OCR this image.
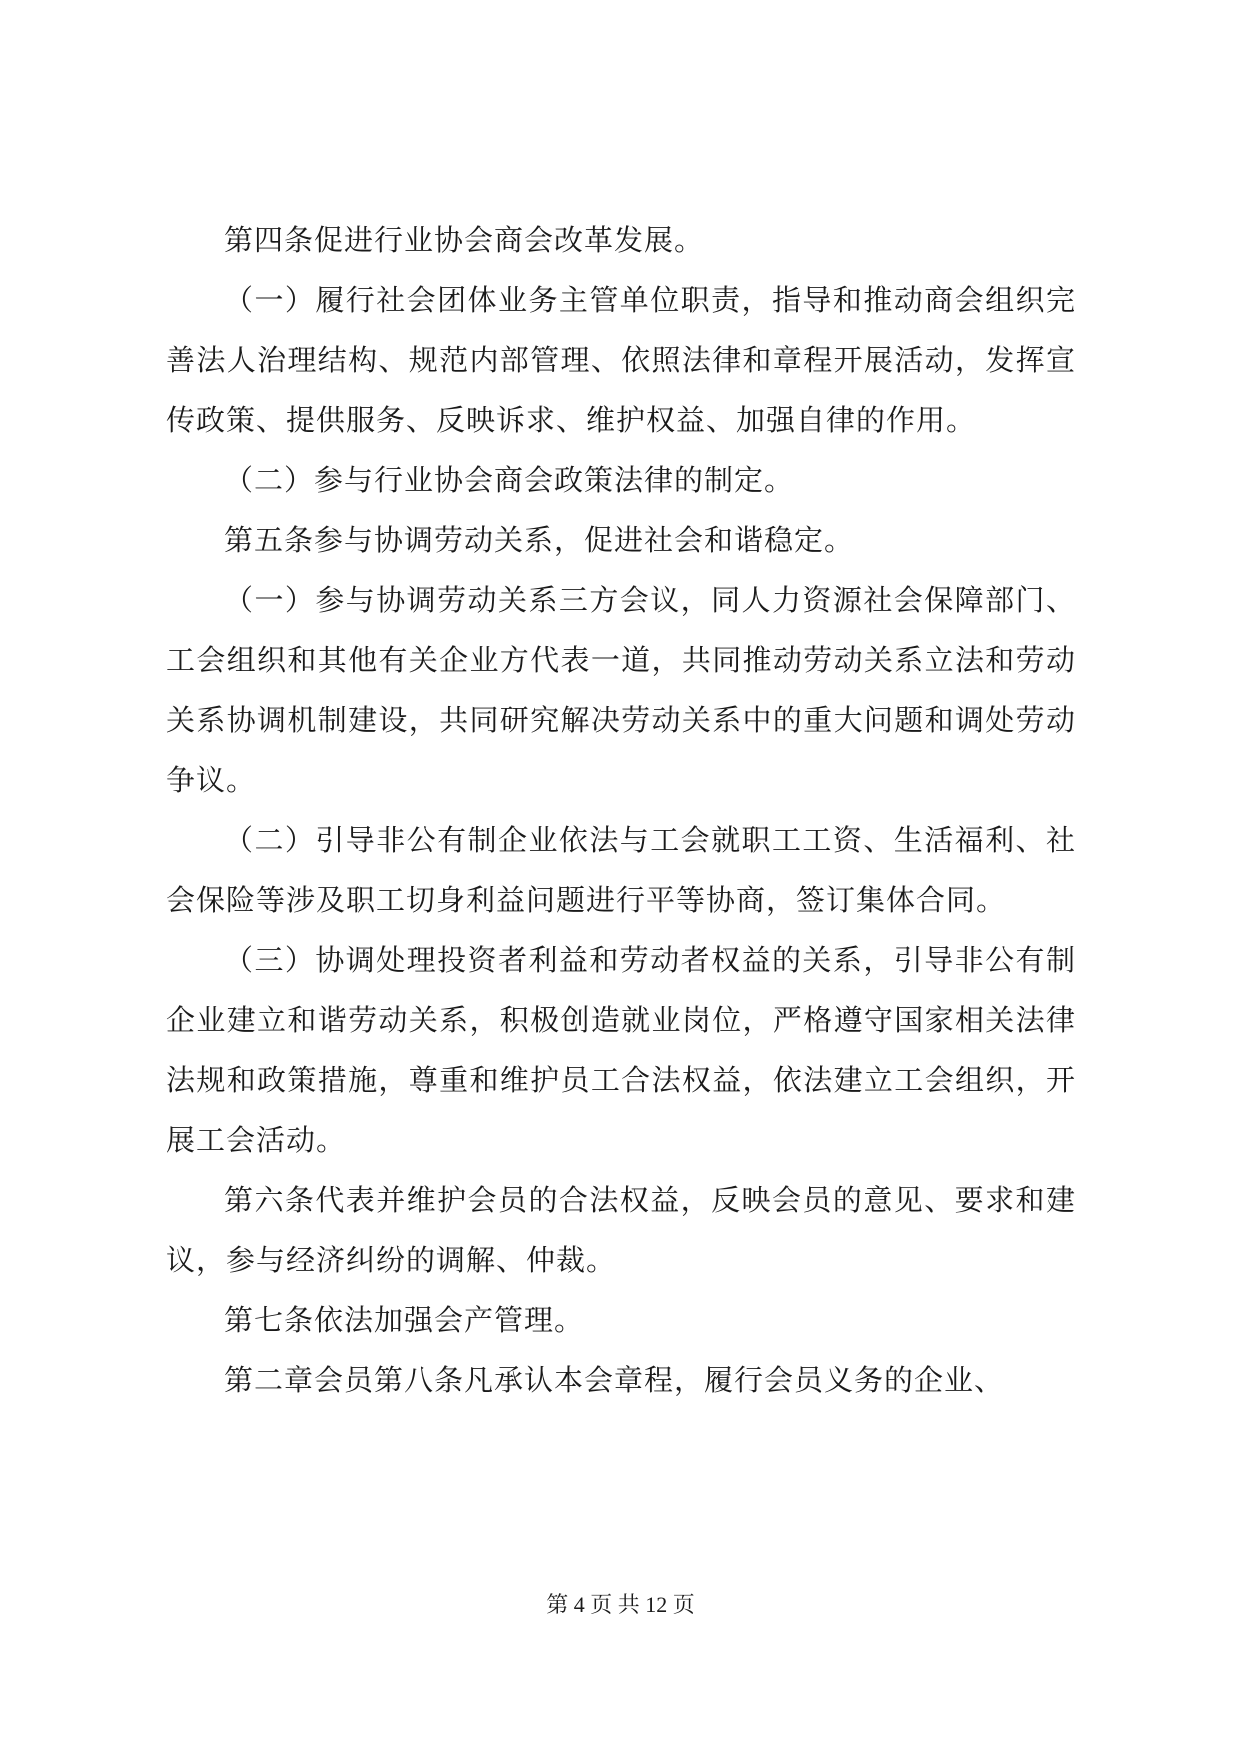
第四条促进行业协会商会改革发展。

（一）履行社会团体业务主管单位职责，指导和推动商会组织完善法人治理结构、规范内部管理、依照法律和章程开展活动，发挥宣传政策、提供服务、反映诉求、维护权益、加强自律的作用。

（二）参与行业协会商会政策法律的制定。

第五条参与协调劳动关系，促进社会和谐稳定。

（一）参与协调劳动关系三方会议，同人力资源社会保障部门、工会组织和其他有关企业方代表一道，共同推动劳动关系立法和劳动关系协调机制建设，共同研究解决劳动关系中的重大问题和调处劳动争议。

（二）引导非公有制企业依法与工会就职工工资、生活福利、社会保险等涉及职工切身利益问题进行平等协商，签订集体合同。

（三）协调处理投资者利益和劳动者权益的关系，引导非公有制企业建立和谐劳动关系，积极创造就业岗位，严格遵守国家相关法律法规和政策措施，尊重和维护员工合法权益，依法建立工会组织，开展工会活动。

第六条代表并维护会员的合法权益，反映会员的意见、要求和建议，参与经济纠纷的调解、仲裁。

第七条依法加强会产管理。

第二章会员第八条凡承认本会章程，履行会员义务的企业、

第 4 页 共 12 页
